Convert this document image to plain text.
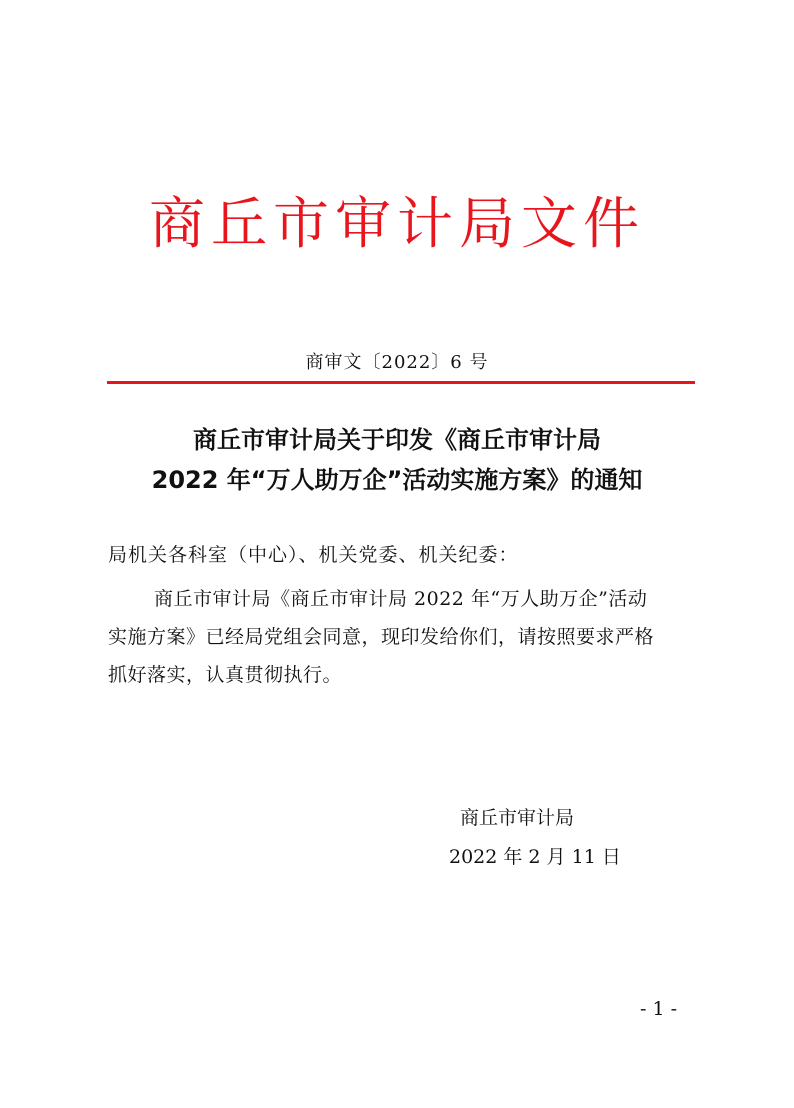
商丘市审计局文件
商审文〔2022〕6 号
商丘市审计局关于印发《商丘市审计局
2022 年“万人助万企”活动实施方案》的通知
局机关各科室（中心）、机关党委、机关纪委：
商丘市审计局《商丘市审计局 2022 年“万人助万企”活动
实施方案》已经局党组会同意，现印发给你们，请按照要求严格
抓好落实，认真贯彻执行。
商丘市审计局
2022 年 2 月 11 日
- 1 -
